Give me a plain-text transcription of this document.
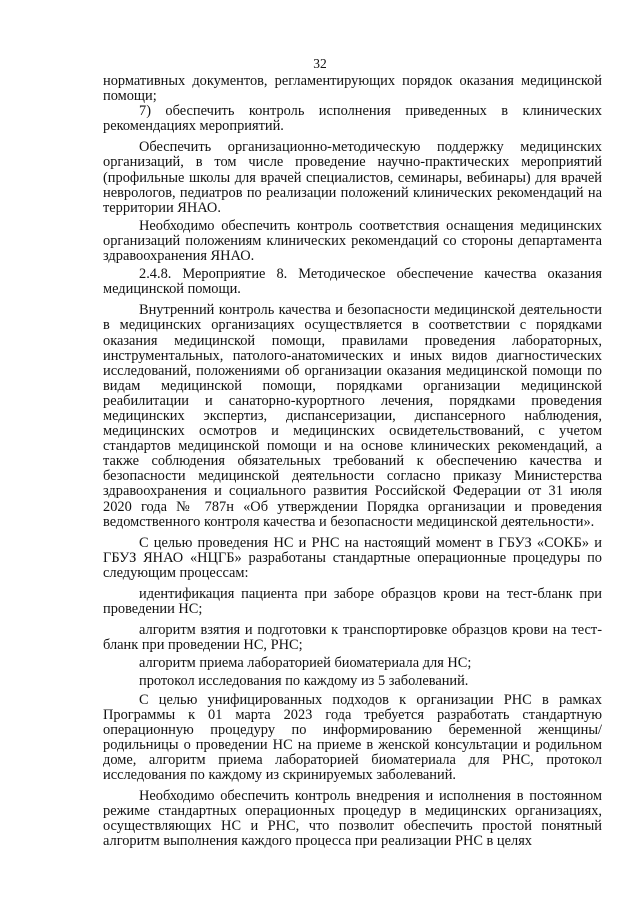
32

нормативных документов, регламентирующих порядок оказания медицинской помощи;

7) обеспечить контроль исполнения приведенных в клинических рекомендациях мероприятий.

Обеспечить организационно-методическую поддержку медицинских организаций, в том числе проведение научно-практических мероприятий (профильные школы для врачей специалистов, семинары, вебинары) для врачей неврологов, педиатров по реализации положений клинических рекомендаций на территории ЯНАО.

Необходимо обеспечить контроль соответствия оснащения медицинских организаций положениям клинических рекомендаций со стороны департамента здравоохранения ЯНАО.

2.4.8. Мероприятие 8. Методическое обеспечение качества оказания медицинской помощи.

Внутренний контроль качества и безопасности медицинской деятельности в медицинских организациях осуществляется в соответствии с порядками оказания медицинской помощи, правилами проведения лабораторных, инструментальных, патолого-анатомических и иных видов диагностических исследований, положениями об организации оказания медицинской помощи по видам медицинской помощи, порядками организации медицинской реабилитации и санаторно-курортного лечения, порядками проведения медицинских экспертиз, диспансеризации, диспансерного наблюдения, медицинских осмотров и медицинских освидетельствований, с учетом стандартов медицинской помощи и на основе клинических рекомендаций, а также соблюдения обязательных требований к обеспечению качества и безопасности медицинской деятельности согласно приказу Министерства здравоохранения и социального развития Российской Федерации от 31 июля 2020 года № 787н «Об утверждении Порядка организации и проведения ведомственного контроля качества и безопасности медицинской деятельности».

С целью проведения НС и РНС на настоящий момент в ГБУЗ «СОКБ» и ГБУЗ ЯНАО «НЦГБ» разработаны стандартные операционные процедуры по следующим процессам:

идентификация пациента при заборе образцов крови на тест-бланк при проведении НС;

алгоритм взятия и подготовки к транспортировке образцов крови на тест-бланк при проведении НС, РНС;

алгоритм приема лабораторией биоматериала для НС;

протокол исследования по каждому из 5 заболеваний.

С целью унифицированных подходов к организации РНС в рамках Программы к 01 марта 2023 года требуется разработать стандартную операционную процедуру по информированию беременной женщины/родильницы о проведении НС на приеме в женской консультации и родильном доме, алгоритм приема лабораторией биоматериала для РНС, протокол исследования по каждому из скринируемых заболеваний.

Необходимо обеспечить контроль внедрения и исполнения в постоянном режиме стандартных операционных процедур в медицинских организациях, осуществляющих НС и РНС, что позволит обеспечить простой понятный алгоритм выполнения каждого процесса при реализации РНС в целях
